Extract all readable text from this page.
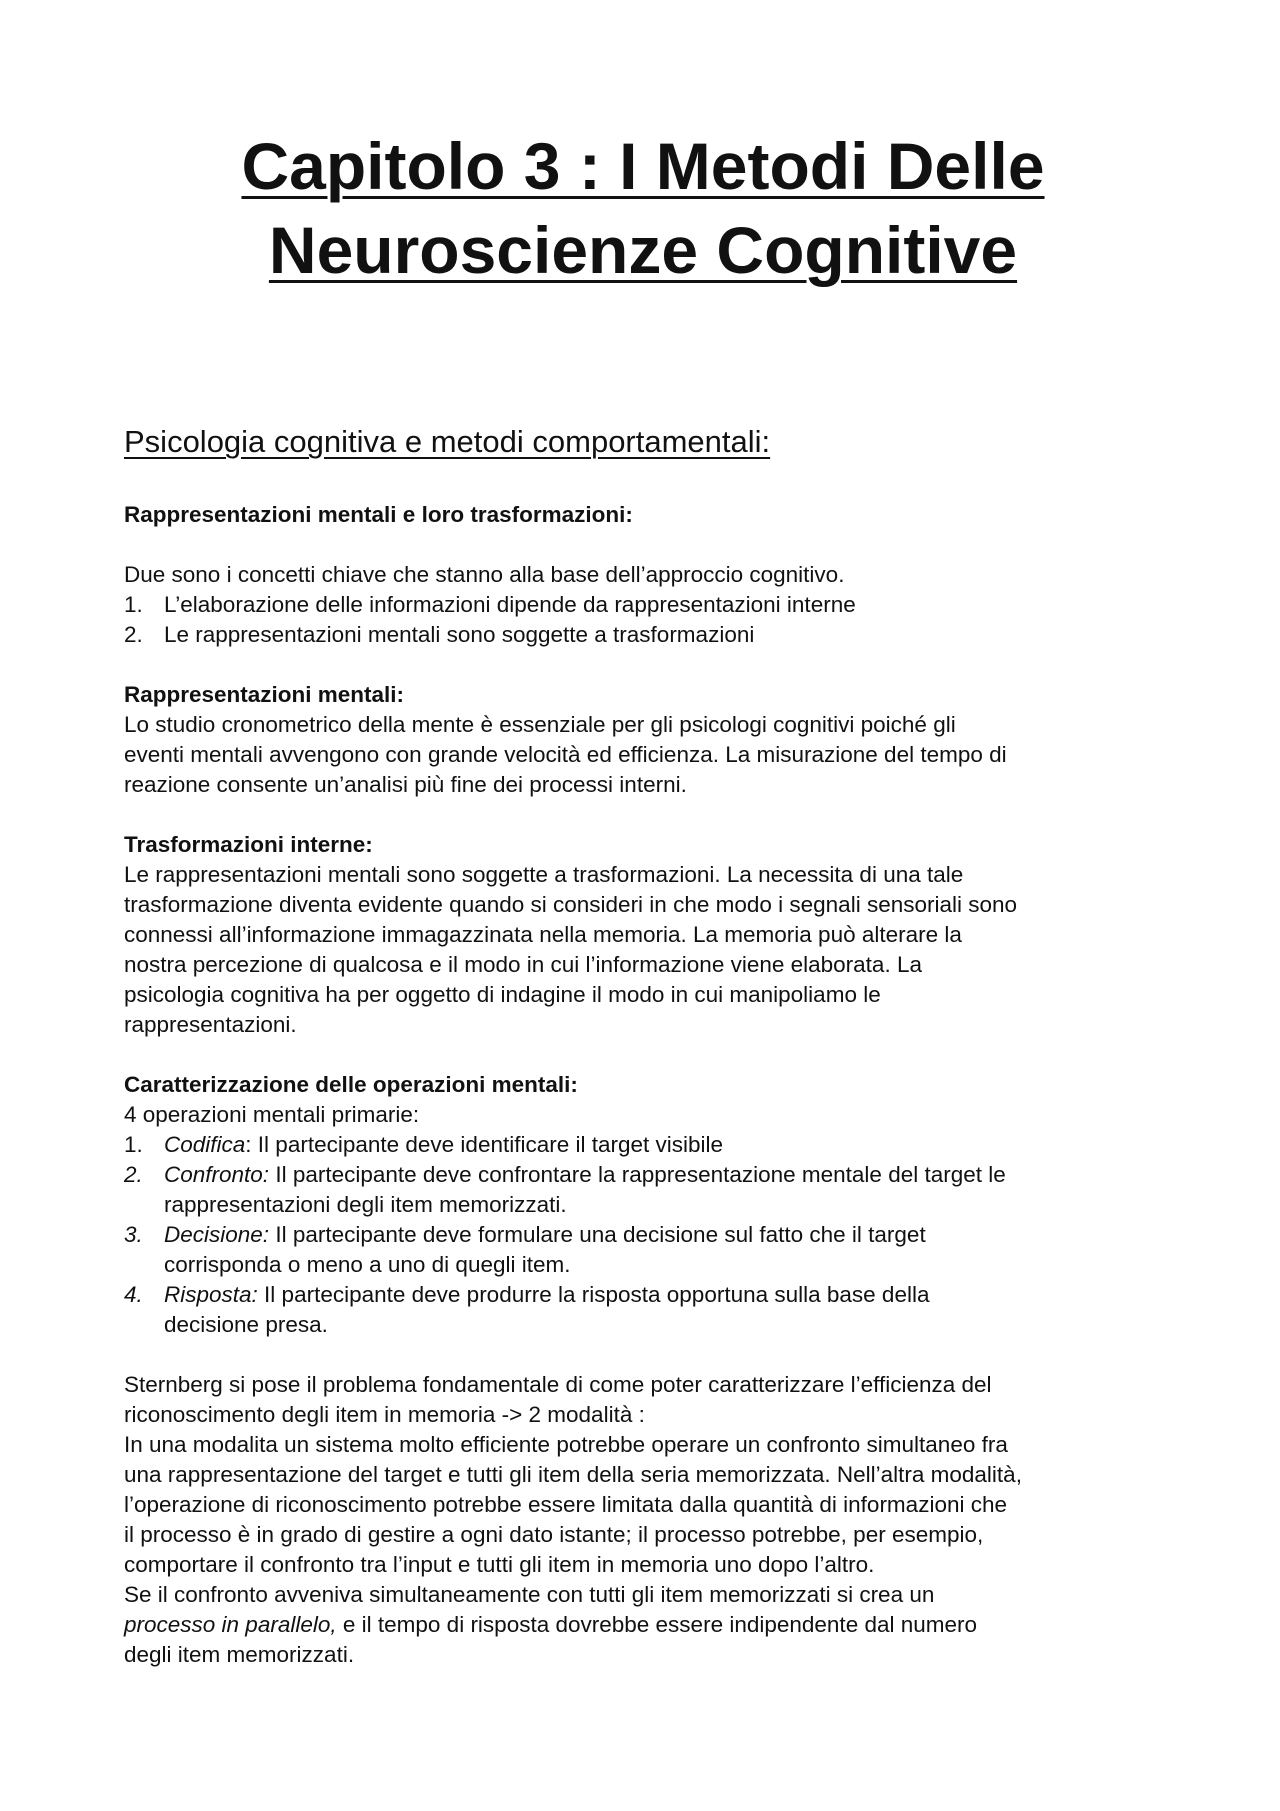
Capitolo 3 : I Metodi Delle
Neuroscienze Cognitive
Psicologia cognitiva e metodi comportamentali:

Rappresentazioni mentali e loro trasformazioni:

Due sono i concetti chiave che stanno alla base dell’approccio cognitivo.

1. L’elaborazione delle informazioni dipende da rappresentazioni interne
2. Le rappresentazioni mentali sono soggette a trasformazioni

Rappresentazioni mentali:

Lo studio cronometrico della mente è essenziale per gli psicologi cognitivi poiché gli
eventi mentali avvengono con grande velocità ed efficienza. La misurazione del tempo di
reazione consente un’analisi più fine dei processi interni.

Trasformazioni interne:

Le rappresentazioni mentali sono soggette a trasformazioni. La necessita di una tale
trasformazione diventa evidente quando si consideri in che modo i segnali sensoriali sono
connessi all’informazione immagazzinata nella memoria. La memoria può alterare la
nostra percezione di qualcosa e il modo in cui l’informazione viene elaborata. La
psicologia cognitiva ha per oggetto di indagine il modo in cui manipoliamo le
rappresentazioni.

Caratterizzazione delle operazioni mentali:

4 operazioni mentali primarie:

1. Codifica: Il partecipante deve identificare il target visibile
2. Confronto: Il partecipante deve confrontare la rappresentazione mentale del target le
rappresentazioni degli item memorizzati.
3. Decisione: Il partecipante deve formulare una decisione sul fatto che il target
corrisponda o meno a uno di quegli item.
4. Risposta: Il partecipante deve produrre la risposta opportuna sulla base della
decisione presa.

Sternberg si pose il problema fondamentale di come poter caratterizzare l’efficienza del
riconoscimento degli item in memoria -> 2 modalità :
In una modalita un sistema molto efficiente potrebbe operare un confronto simultaneo fra
una rappresentazione del target e tutti gli item della seria memorizzata. Nell’altra modalità,
l’operazione di riconoscimento potrebbe essere limitata dalla quantità di informazioni che
il processo è in grado di gestire a ogni dato istante; il processo potrebbe, per esempio,
comportare il confronto tra l’input e tutti gli item in memoria uno dopo l’altro.
Se il confronto avveniva simultaneamente con tutti gli item memorizzati si crea un
processo in parallelo, e il tempo di risposta dovrebbe essere indipendente dal numero
degli item memorizzati.
